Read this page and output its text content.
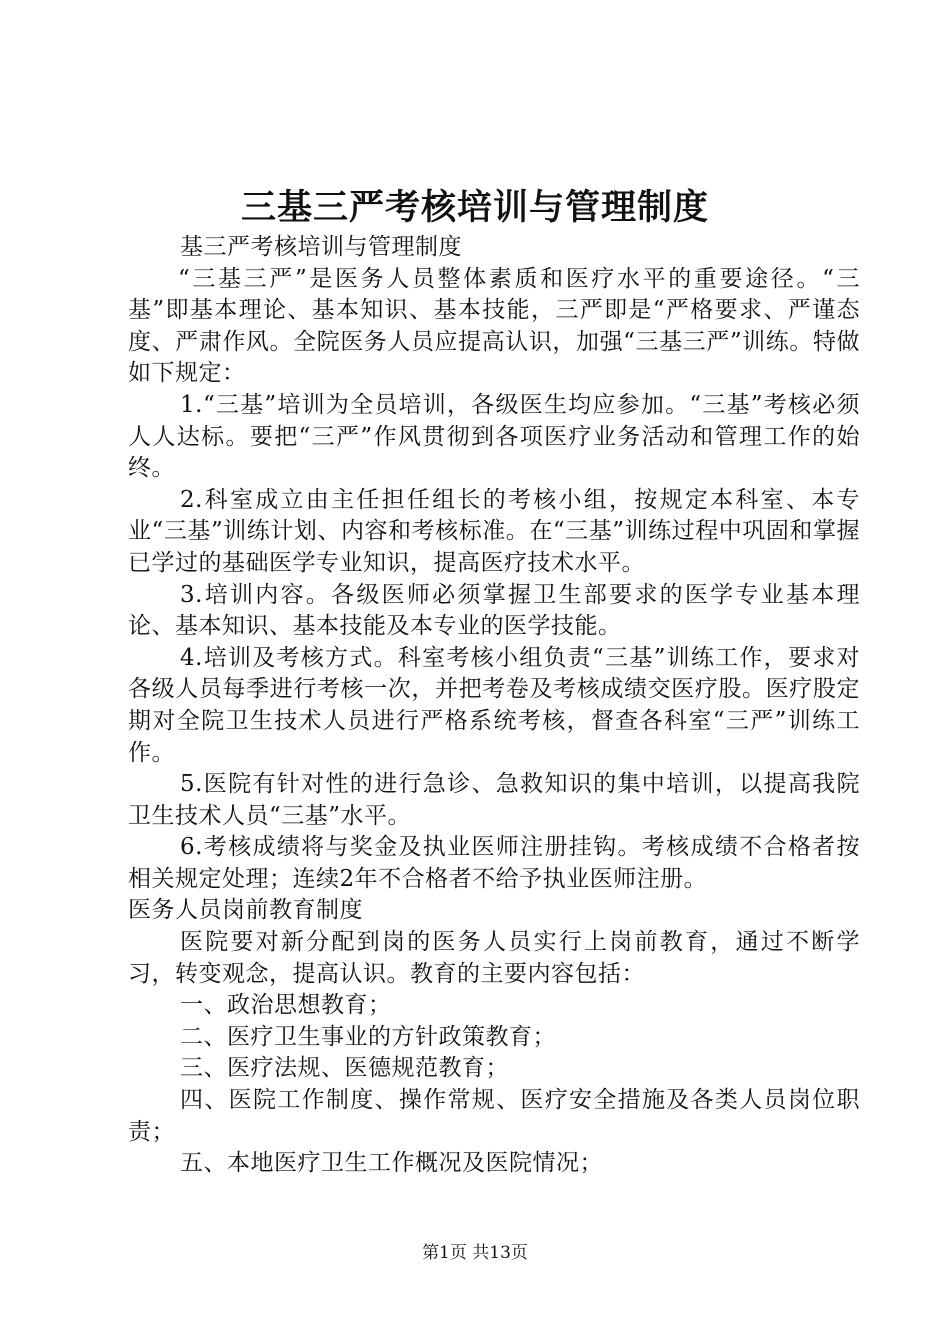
三基三严考核培训与管理制度

基三严考核培训与管理制度

“三基三严”是医务人员整体素质和医疗水平的重要途径。“三基”即基本理论、基本知识、基本技能，三严即是“严格要求、严谨态度、严肃作风。全院医务人员应提高认识，加强“三基三严”训练。特做如下规定：

1.“三基”培训为全员培训，各级医生均应参加。“三基”考核必须人人达标。要把“三严”作风贯彻到各项医疗业务活动和管理工作的始终。

2.科室成立由主任担任组长的考核小组，按规定本科室、本专业“三基”训练计划、内容和考核标准。在“三基”训练过程中巩固和掌握已学过的基础医学专业知识，提高医疗技术水平。

3.培训内容。各级医师必须掌握卫生部要求的医学专业基本理论、基本知识、基本技能及本专业的医学技能。

4.培训及考核方式。科室考核小组负责“三基”训练工作，要求对各级人员每季进行考核一次，并把考卷及考核成绩交医疗股。医疗股定期对全院卫生技术人员进行严格系统考核，督查各科室“三严”训练工作。

5.医院有针对性的进行急诊、急救知识的集中培训，以提高我院卫生技术人员“三基”水平。

6.考核成绩将与奖金及执业医师注册挂钩。考核成绩不合格者按相关规定处理；连续2年不合格者不给予执业医师注册。

医务人员岗前教育制度

医院要对新分配到岗的医务人员实行上岗前教育，通过不断学习，转变观念，提高认识。教育的主要内容包括：

一、政治思想教育；

二、医疗卫生事业的方针政策教育；

三、医疗法规、医德规范教育；

四、医院工作制度、操作常规、医疗安全措施及各类人员岗位职责；

五、本地医疗卫生工作概况及医院情况；

第1页 共13页
